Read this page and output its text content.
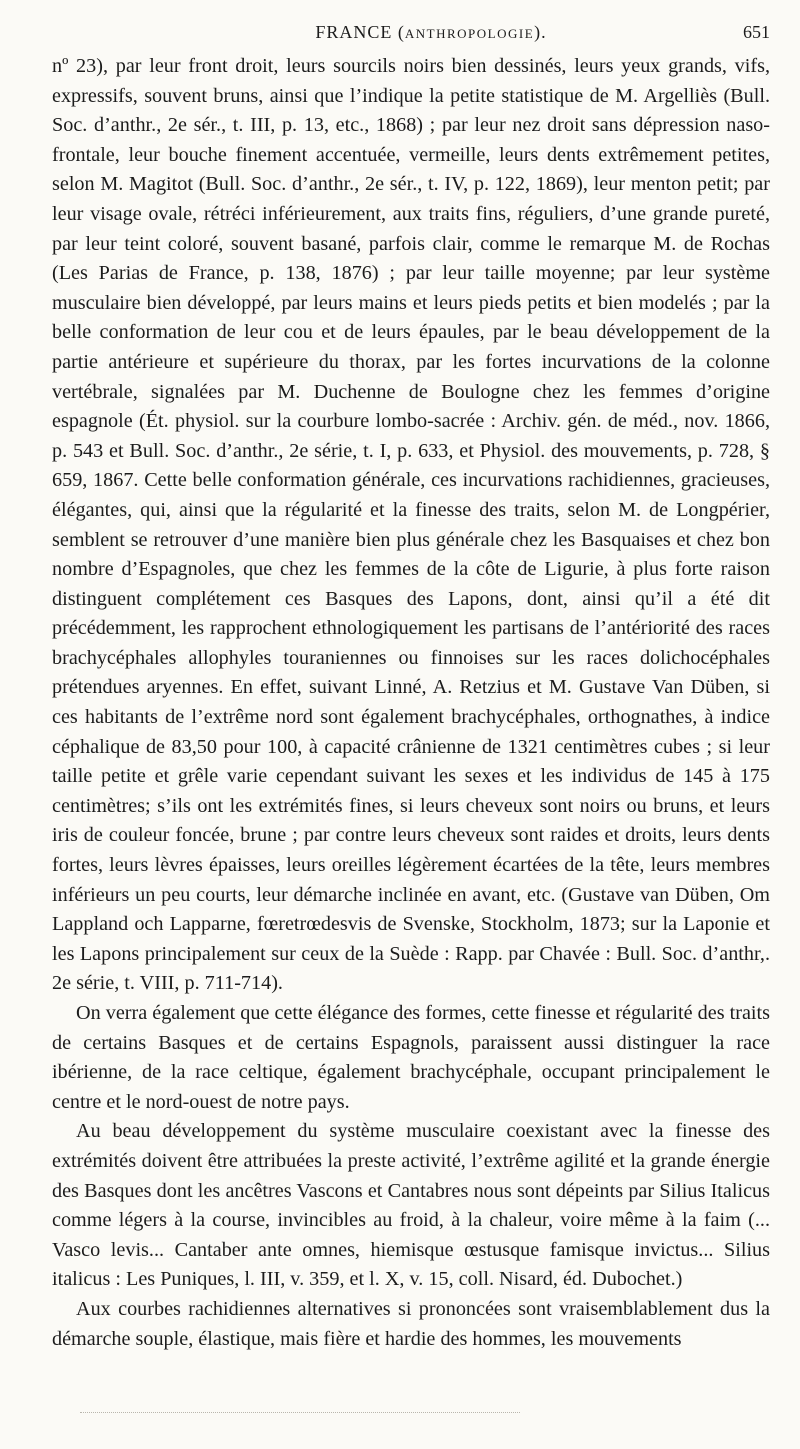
FRANCE (ANTHROPOLOGIE).	651

nº 23), par leur front droit, leurs sourcils noirs bien dessinés, leurs yeux grands, vifs, expressifs, souvent bruns, ainsi que l’indique la petite statistique de M. Argelliès (Bull. Soc. d’anthr., 2e sér., t. III, p. 13, etc., 1868) ; par leur nez droit sans dépression naso-frontale, leur bouche finement accentuée, vermeille, leurs dents extrêmement petites, selon M. Magitot (Bull. Soc. d’anthr., 2e sér., t. IV, p. 122, 1869), leur menton petit; par leur visage ovale, rétréci inférieurement, aux traits fins, réguliers, d’une grande pureté, par leur teint coloré, souvent basané, parfois clair, comme le remarque M. de Rochas (Les Parias de France, p. 138, 1876) ; par leur taille moyenne; par leur système musculaire bien développé, par leurs mains et leurs pieds petits et bien modelés ; par la belle conformation de leur cou et de leurs épaules, par le beau développement de la partie antérieure et supérieure du thorax, par les fortes incurvations de la colonne vertébrale, signalées par M. Duchenne de Boulogne chez les femmes d’origine espagnole (Ét. physiol. sur la courbure lombo-sacrée : Archiv. gén. de méd., nov. 1866, p. 543 et Bull. Soc. d’anthr., 2e série, t. I, p. 633, et Physiol. des mouvements, p. 728, § 659, 1867. Cette belle conformation générale, ces incurvations rachidiennes, gracieuses, élégantes, qui, ainsi que la régularité et la finesse des traits, selon M. de Longpérier, semblent se retrouver d’une manière bien plus générale chez les Basquaises et chez bon nombre d’Espagnoles, que chez les femmes de la côte de Ligurie, à plus forte raison distinguent complétement ces Basques des Lapons, dont, ainsi qu’il a été dit précédemment, les rapprochent ethnologiquement les partisans de l’antériorité des races brachycéphales allophyles touraniennes ou finnoises sur les races dolichocéphales prétendues aryennes. En effet, suivant Linné, A. Retzius et M. Gustave Van Düben, si ces habitants de l’extrême nord sont également brachycéphales, orthognathes, à indice céphalique de 83,50 pour 100, à capacité crânienne de 1321 centimètres cubes ; si leur taille petite et grêle varie cependant suivant les sexes et les individus de 145 à 175 centimètres; s’ils ont les extrémités fines, si leurs cheveux sont noirs ou bruns, et leurs iris de couleur foncée, brune ; par contre leurs cheveux sont raides et droits, leurs dents fortes, leurs lèvres épaisses, leurs oreilles légèrement écartées de la tête, leurs membres inférieurs un peu courts, leur démarche inclinée en avant, etc. (Gustave van Düben, Om Lappland och Lapparne, fœretrœdesvis de Svenske, Stockholm, 1873; sur la Laponie et les Lapons principalement sur ceux de la Suède : Rapp. par Chavée : Bull. Soc. d’anthr,. 2e série, t. VIII, p. 711-714).

On verra également que cette élégance des formes, cette finesse et régularité des traits de certains Basques et de certains Espagnols, paraissent aussi distinguer la race ibérienne, de la race celtique, également brachycéphale, occupant principalement le centre et le nord-ouest de notre pays.

Au beau développement du système musculaire coexistant avec la finesse des extrémités doivent être attribuées la preste activité, l’extrême agilité et la grande énergie des Basques dont les ancêtres Vascons et Cantabres nous sont dépeints par Silius Italicus comme légers à la course, invincibles au froid, à la chaleur, voire même à la faim (... Vasco levis... Cantaber ante omnes, hiemisque œstusque famisque invictus... Silius italicus : Les Puniques, l. III, v. 359, et l. X, v. 15, coll. Nisard, éd. Dubochet.)

Aux courbes rachidiennes alternatives si prononcées sont vraisemblablement dus la démarche souple, élastique, mais fière et hardie des hommes, les mouvements
